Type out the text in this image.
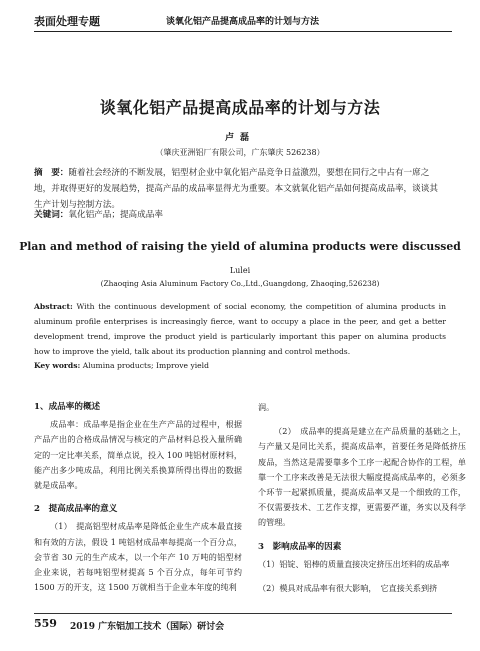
表面处理专题	谈氧化铝产品提高成品率的计划与方法
谈氧化铝产品提高成品率的计划与方法
卢磊
（肇庆亚洲铝厂有限公司，广东肇庆 526238）
摘　要：随着社会经济的不断发展，铝型材企业中氧化铝产品竞争日益激烈，要想在同行之中占有一席之地，并取得更好的发展趋势，提高产品的成品率显得尤为重要。本文就氧化铝产品如何提高成品率，谈谈其生产计划与控制方法。
关键词：氧化铝产品；提高成品率
Plan and method of raising the yield of alumina products were discussed
Lulei
(Zhaoqing Asia Aluminum Factory Co.,Ltd.,Guangdong, Zhaoqing,526238)
Abstract: With the continuous development of social economy, the competition of alumina products in aluminum profile enterprises is increasingly fierce, want to occupy a place in the peer, and get a better development trend, improve the product yield is particularly important this paper on alumina products how to improve the yield, talk about its production planning and control methods.
Key words: Alumina products; Improve yield
1、成品率的概述

成品率：成品率是指企业在生产产品的过程中，根据产品产出的合格成品情况与核定的产品材料总投入量所确定的一定比率关系，简单点说，投入 100 吨铝材原材料，能产出多少吨成品，利用比例关系换算所得出得出的数据就是成品率。

2　提高成品率的意义

（1）　提高铝型材成品率是降低企业生产成本最直接和有效的方法，假设 1 吨铝材成品率每提高一个百分点，会节省 30 元的生产成本，以一个年产 10 万吨的铝型材企业来说，若每吨铝型材提高 5 个百分点，每年可节约 1500 万的开支，这 1500 万就相当于企业本年度的纯利

润。

（2）　成品率的提高是建立在产品质量的基础之上，与产量又是同比关系，提高成品率，首要任务是降低挤压废品，当然这是需要靠多个工序一起配合协作的工程，单靠一个工序来改善是无法很大幅度提高成品率的，必须多个环节一起紧抓质量，提高成品率又是一个细致的工作，不仅需要技术、工艺作支撑，更需要严谨，务实以及科学的管理。

3　影响成品率的因素

（1）铝锭、铝棒的质量直接决定挤压出坯料的成品率

（2）模具对成品率有很大影响，　它直接关系到挤

559 2019 广东铝加工技术（国际）研讨会
